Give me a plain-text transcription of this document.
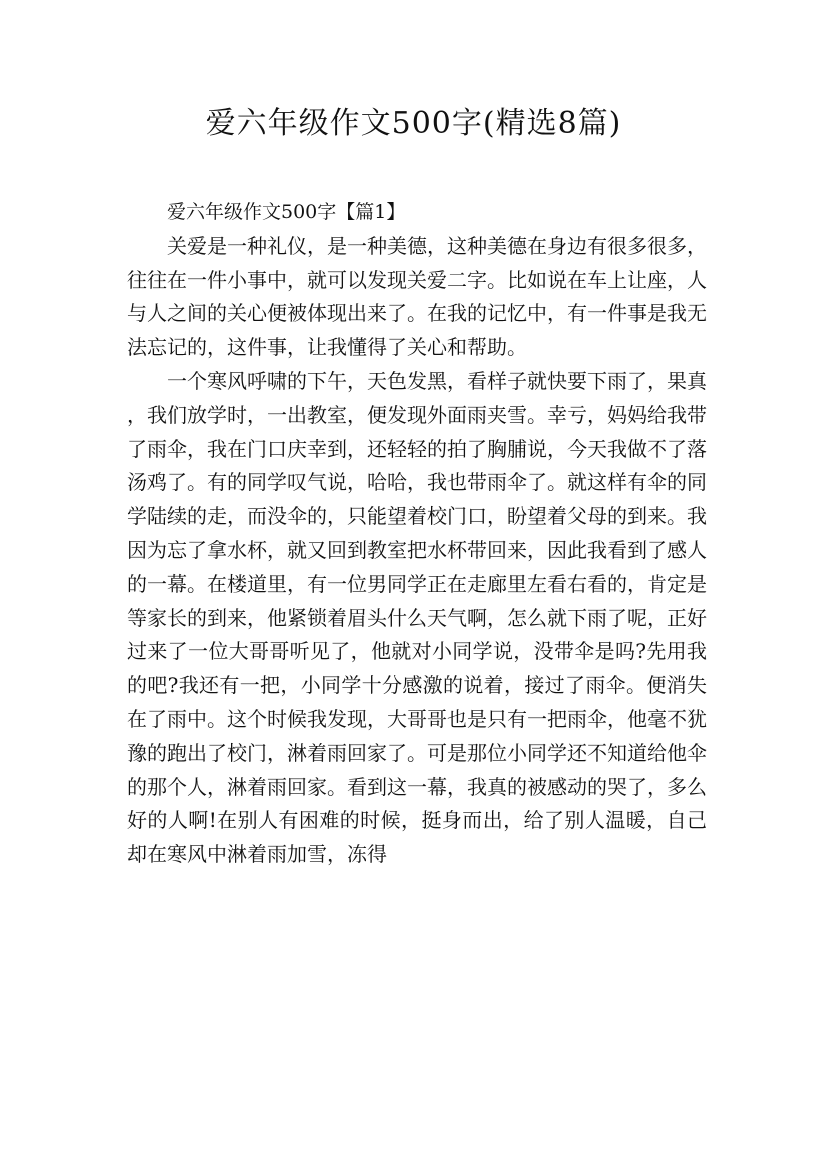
爱六年级作文500字(精选8篇)
爱六年级作文500字【篇1】

关爱是一种礼仪，是一种美德，这种美德在身边有很多很多，往往在一件小事中，就可以发现关爱二字。比如说在车上让座，人与人之间的关心便被体现出来了。在我的记忆中，有一件事是我无法忘记的，这件事，让我懂得了关心和帮助。

一个寒风呼啸的下午，天色发黑，看样子就快要下雨了，果真，我们放学时，一出教室，便发现外面雨夹雪。幸亏，妈妈给我带了雨伞，我在门口庆幸到，还轻轻的拍了胸脯说，今天我做不了落汤鸡了。有的同学叹气说，哈哈，我也带雨伞了。就这样有伞的同学陆续的走，而没伞的，只能望着校门口，盼望着父母的到来。我因为忘了拿水杯，就又回到教室把水杯带回来，因此我看到了感人的一幕。在楼道里，有一位男同学正在走廊里左看右看的，肯定是等家长的到来，他紧锁着眉头什么天气啊，怎么就下雨了呢，正好过来了一位大哥哥听见了，他就对小同学说，没带伞是吗?先用我的吧?我还有一把，小同学十分感激的说着，接过了雨伞。便消失在了雨中。这个时候我发现，大哥哥也是只有一把雨伞，他毫不犹豫的跑出了校门，淋着雨回家了。可是那位小同学还不知道给他伞的那个人，淋着雨回家。看到这一幕，我真的被感动的哭了，多么好的人啊!在别人有困难的时候，挺身而出，给了别人温暖，自己却在寒风中淋着雨加雪，冻得
